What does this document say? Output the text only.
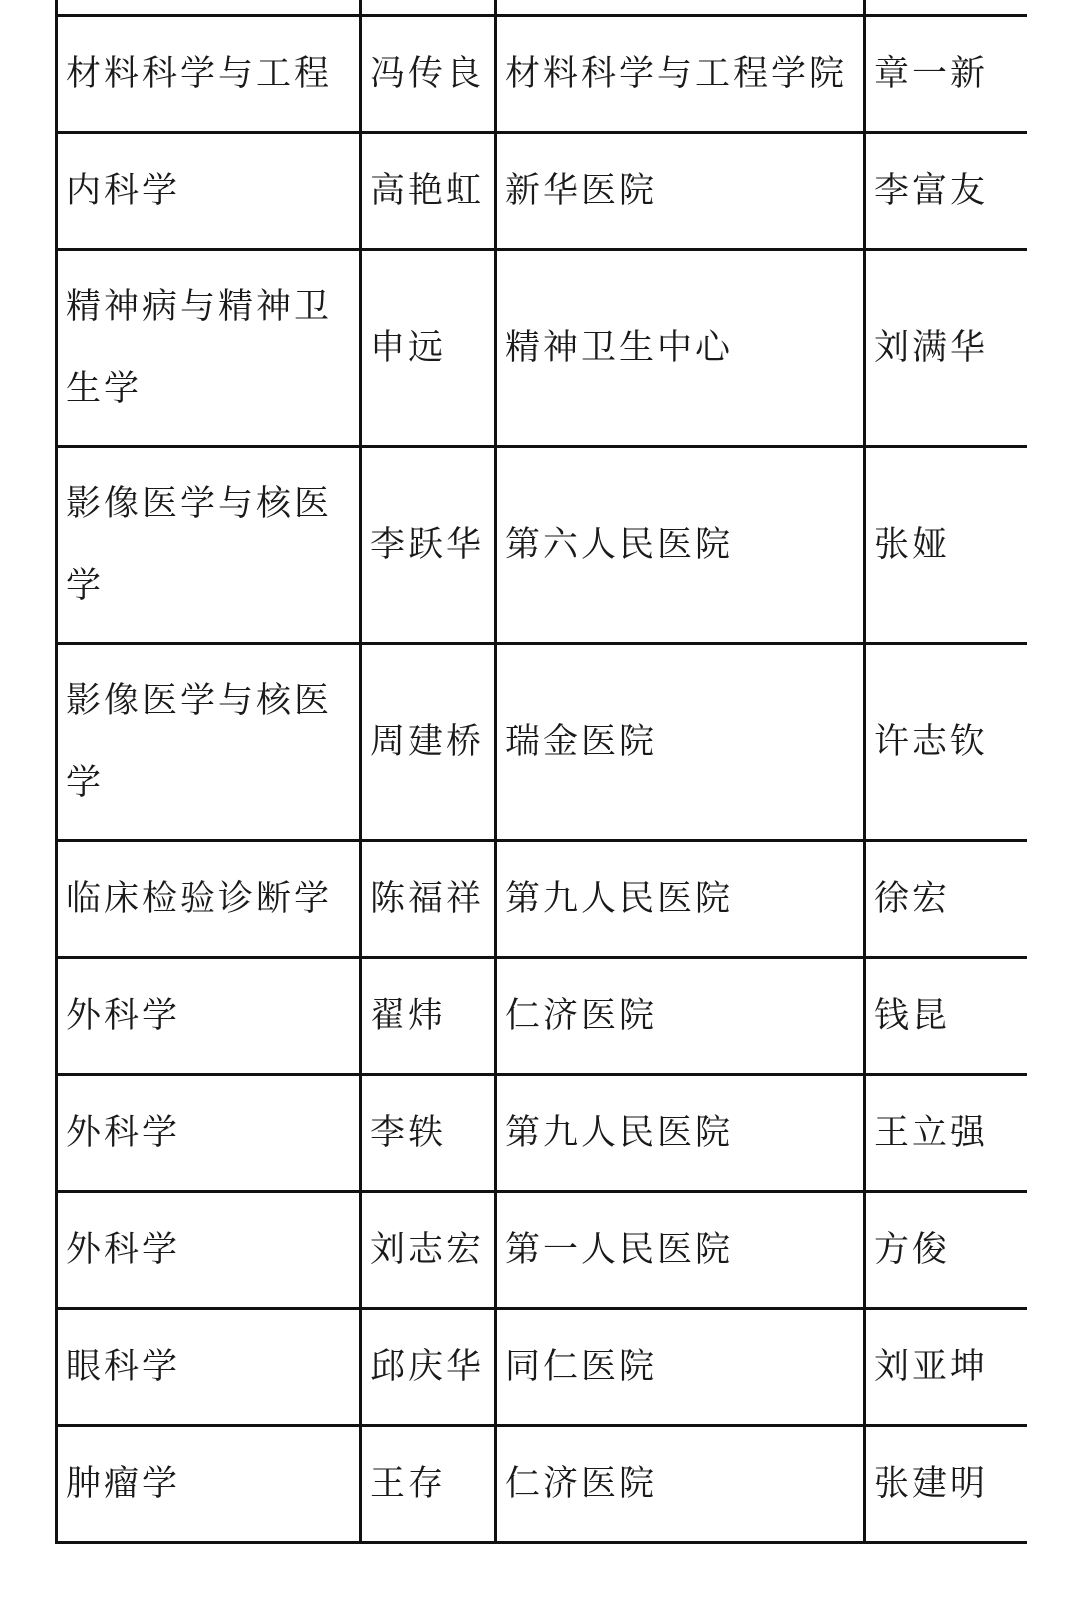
材料科学与工程	冯传良	材料科学与工程学院	章一新
内科学	高艳虹	新华医院	李富友
精神病与精神卫生学	申远	精神卫生中心	刘满华
影像医学与核医学	李跃华	第六人民医院	张娅
影像医学与核医学	周建桥	瑞金医院	许志钦
临床检验诊断学	陈福祥	第九人民医院	徐宏
外科学	翟炜	仁济医院	钱昆
外科学	李轶	第九人民医院	王立强
外科学	刘志宏	第一人民医院	方俊
眼科学	邱庆华	同仁医院	刘亚坤
肿瘤学	王存	仁济医院	张建明
